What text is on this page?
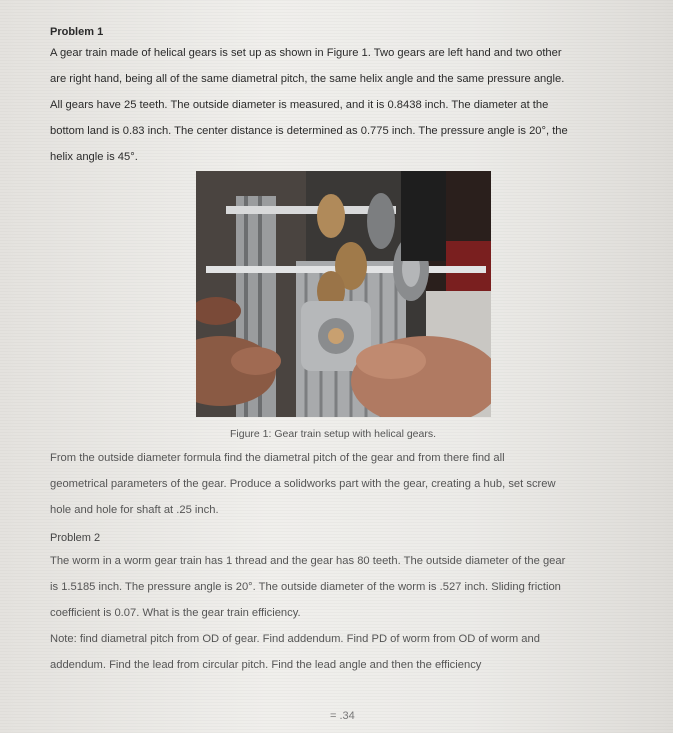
Problem 1
A gear train made of helical gears is set up as shown in Figure 1. Two gears are left hand and two other
are right hand, being all of the same diametral pitch, the same helix angle and the same pressure angle.
All gears have 25 teeth. The outside diameter is measured, and it is 0.8438 inch. The diameter at the
bottom land is 0.83 inch. The center distance is determined as 0.775 inch. The pressure angle is 20°, the
helix angle is 45°.
Figure 1: Gear train setup with helical gears.
From the outside diameter formula find the diametral pitch of the gear and from there find all
geometrical parameters of the gear. Produce a solidworks part with the gear, creating a hub, set screw
hole and hole for shaft at .25 inch.
Problem 2
The worm in a worm gear train has 1 thread and the gear has 80 teeth. The outside diameter of the gear
is 1.5185 inch. The pressure angle is 20°. The outside diameter of the worm is .527 inch. Sliding friction
coefficient is 0.07. What is the gear train efficiency.
Note: find diametral pitch from OD of gear. Find addendum. Find PD of worm from OD of worm and
addendum. Find the lead from circular pitch. Find the lead angle and then the efficiency
= .34
